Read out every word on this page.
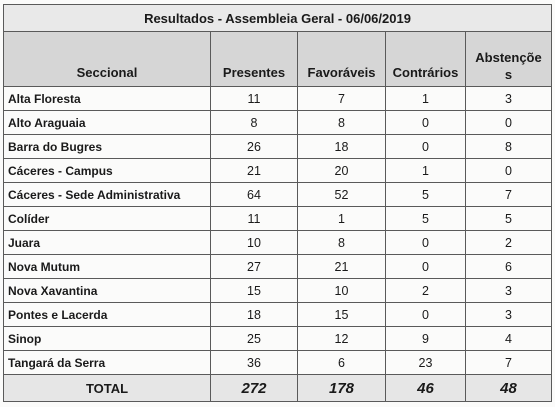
Resultados - Assembleia Geral - 06/06/2019				
Seccional	Presentes	Favoráveis	Contrários	Abstençõe s
Alta Floresta	11	7	1	3
Alto Araguaia	8	8	0	0
Barra do Bugres	26	18	0	8
Cáceres - Campus	21	20	1	0
Cáceres - Sede Administrativa	64	52	5	7
Colíder	11	1	5	5
Juara	10	8	0	2
Nova Mutum	27	21	0	6
Nova Xavantina	15	10	2	3
Pontes e Lacerda	18	15	0	3
Sinop	25	12	9	4
Tangará da Serra	36	6	23	7
TOTAL	272	178	46	48
